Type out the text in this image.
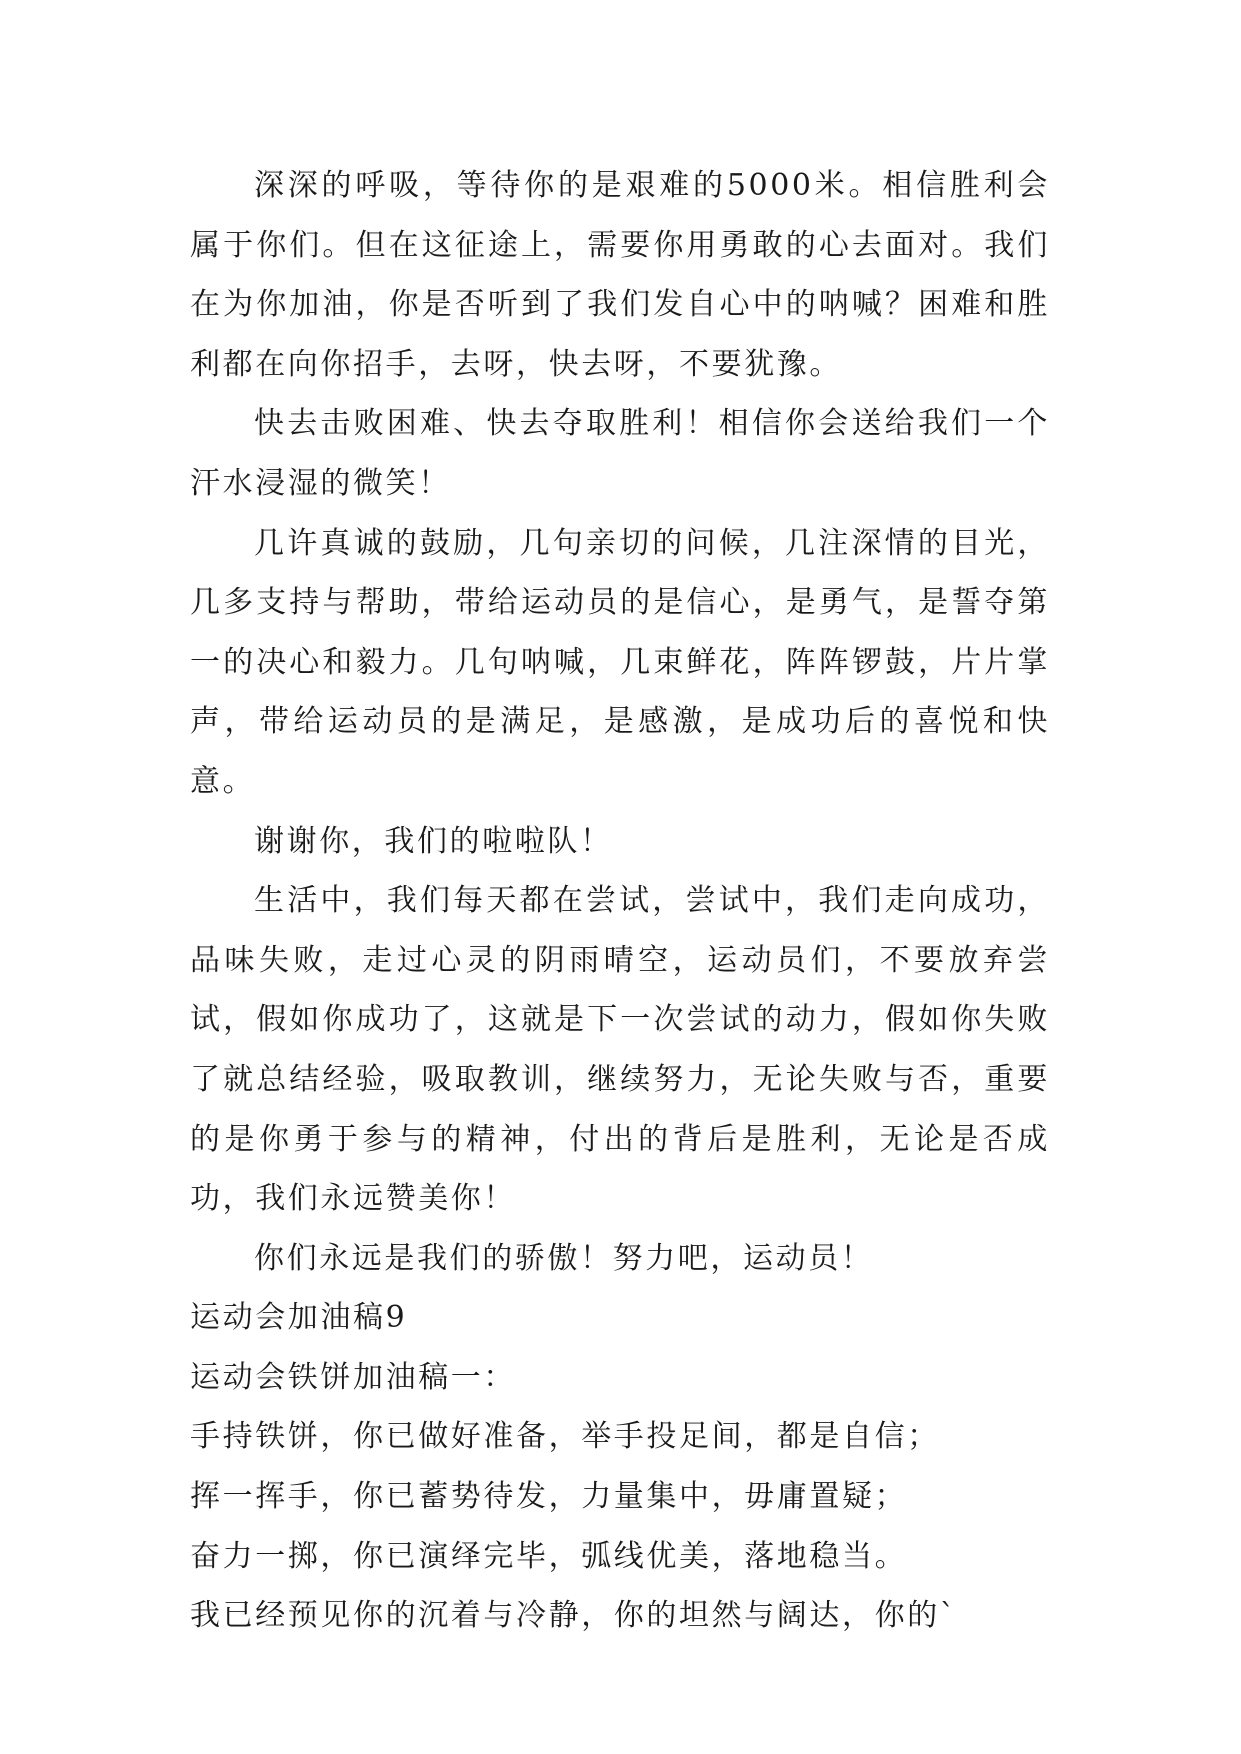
深深的呼吸，等待你的是艰难的5000米。相信胜利会属于你们。但在这征途上，需要你用勇敢的心去面对。我们在为你加油，你是否听到了我们发自心中的呐喊？困难和胜利都在向你招手，去呀，快去呀，不要犹豫。

快去击败困难、快去夺取胜利！相信你会送给我们一个汗水浸湿的微笑！

几许真诚的鼓励，几句亲切的问候，几注深情的目光，几多支持与帮助，带给运动员的是信心，是勇气，是誓夺第一的决心和毅力。几句呐喊，几束鲜花，阵阵锣鼓，片片掌声，带给运动员的是满足，是感激，是成功后的喜悦和快意。

谢谢你，我们的啦啦队！

生活中，我们每天都在尝试，尝试中，我们走向成功，品味失败，走过心灵的阴雨晴空，运动员们，不要放弃尝试，假如你成功了，这就是下一次尝试的动力，假如你失败了就总结经验，吸取教训，继续努力，无论失败与否，重要的是你勇于参与的精神，付出的背后是胜利，无论是否成功，我们永远赞美你！

你们永远是我们的骄傲！努力吧，运动员！

运动会加油稿9

运动会铁饼加油稿一：

手持铁饼，你已做好准备，举手投足间，都是自信；

挥一挥手，你已蓄势待发，力量集中，毋庸置疑；

奋力一掷，你已演绎完毕，弧线优美，落地稳当。

我已经预见你的沉着与冷静，你的坦然与阔达，你的`
